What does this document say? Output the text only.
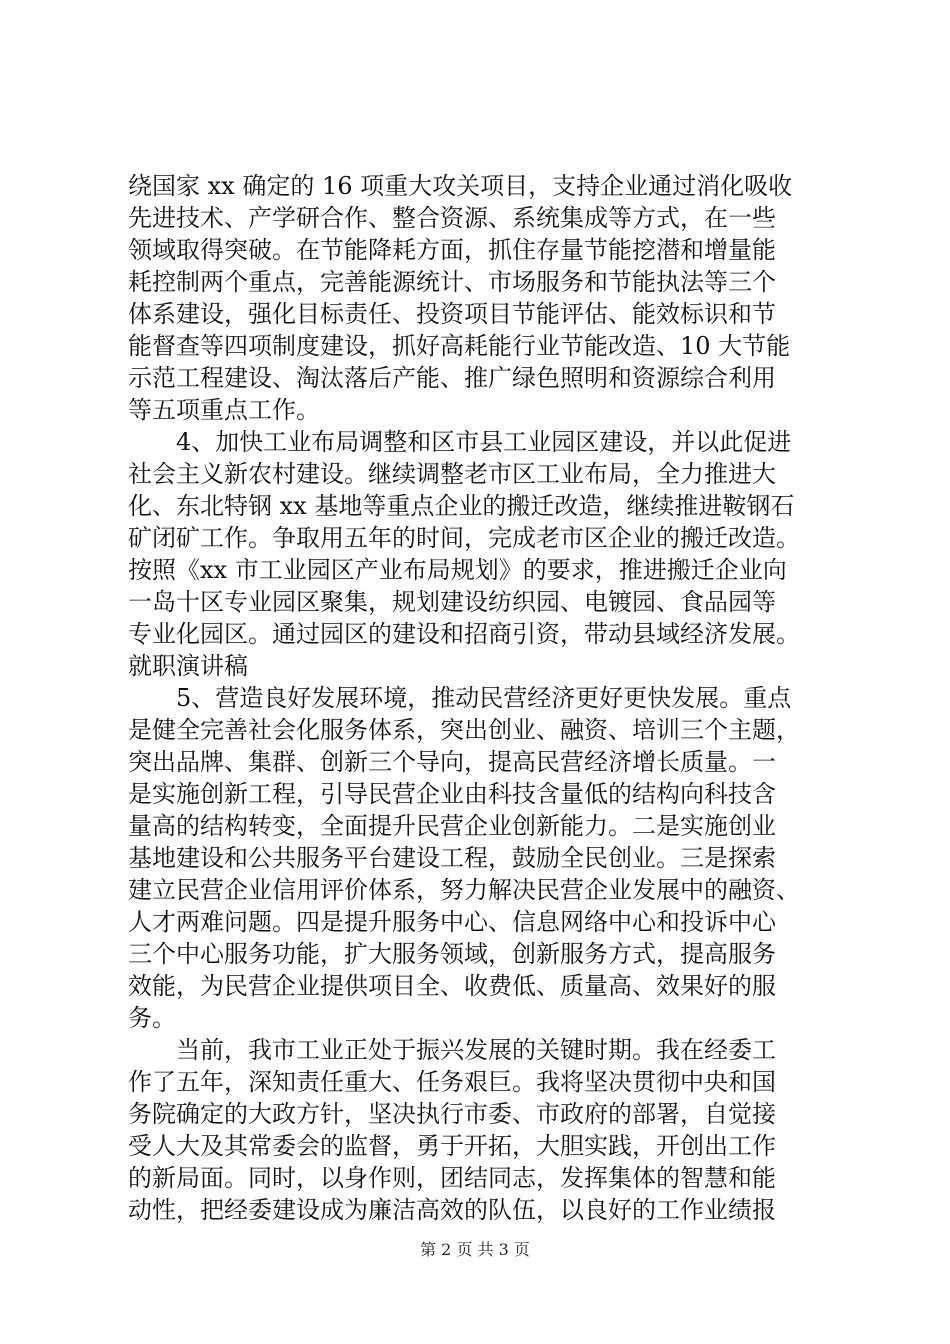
绕国家 xx 确定的 16 项重大攻关项目，支持企业通过消化吸收
先进技术、产学研合作、整合资源、系统集成等方式，在一些
领域取得突破。在节能降耗方面，抓住存量节能挖潜和增量能
耗控制两个重点，完善能源统计、市场服务和节能执法等三个
体系建设，强化目标责任、投资项目节能评估、能效标识和节
能督查等四项制度建设，抓好高耗能行业节能改造、10 大节能
示范工程建设、淘汰落后产能、推广绿色照明和资源综合利用
等五项重点工作。
4、加快工业布局调整和区市县工业园区建设，并以此促进
社会主义新农村建设。继续调整老市区工业布局，全力推进大
化、东北特钢 xx 基地等重点企业的搬迁改造，继续推进鞍钢石
矿闭矿工作。争取用五年的时间，完成老市区企业的搬迁改造。
按照《xx 市工业园区产业布局规划》的要求，推进搬迁企业向
一岛十区专业园区聚集，规划建设纺织园、电镀园、食品园等
专业化园区。通过园区的建设和招商引资，带动县域经济发展。
就职演讲稿
5、营造良好发展环境，推动民营经济更好更快发展。重点
是健全完善社会化服务体系，突出创业、融资、培训三个主题，
突出品牌、集群、创新三个导向，提高民营经济增长质量。一
是实施创新工程，引导民营企业由科技含量低的结构向科技含
量高的结构转变，全面提升民营企业创新能力。二是实施创业
基地建设和公共服务平台建设工程，鼓励全民创业。三是探索
建立民营企业信用评价体系，努力解决民营企业发展中的融资、
人才两难问题。四是提升服务中心、信息网络中心和投诉中心
三个中心服务功能，扩大服务领域，创新服务方式，提高服务
效能，为民营企业提供项目全、收费低、质量高、效果好的服
务。
当前，我市工业正处于振兴发展的关键时期。我在经委工
作了五年，深知责任重大、任务艰巨。我将坚决贯彻中央和国
务院确定的大政方针，坚决执行市委、市政府的部署，自觉接
受人大及其常委会的监督，勇于开拓，大胆实践，开创出工作
的新局面。同时，以身作则，团结同志，发挥集体的智慧和能
动性，把经委建设成为廉洁高效的队伍，以良好的工作业绩报
第 2 页 共 3 页
